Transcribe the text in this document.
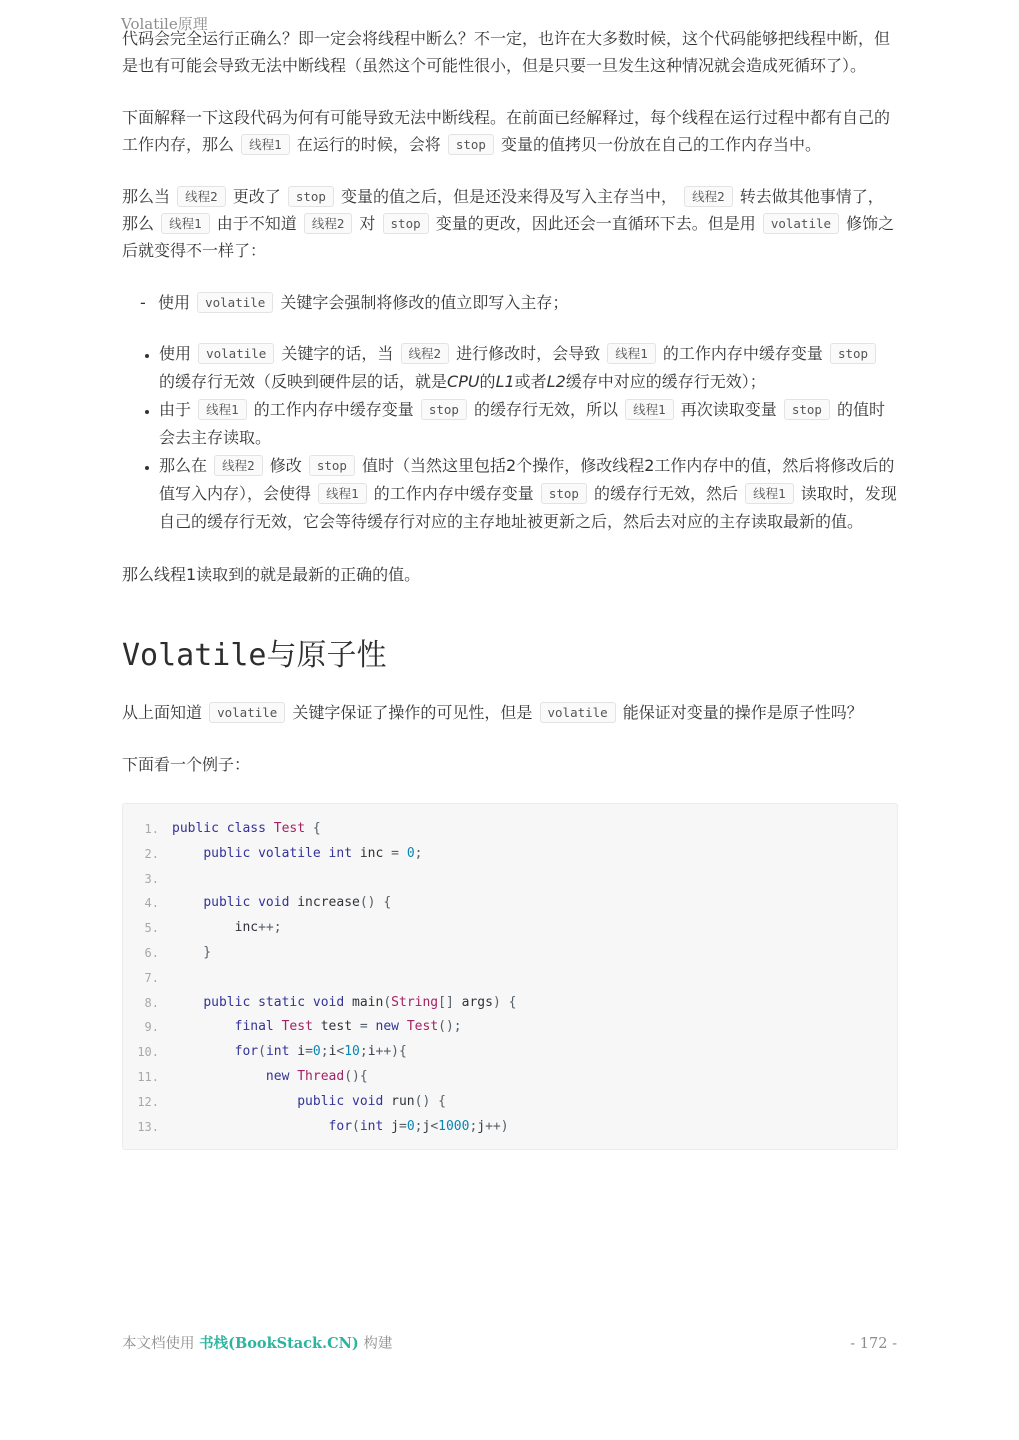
Volatile原理

代码会完全运行正确么？即一定会将线程中断么？不一定，也许在大多数时候，这个代码能够把线程中断，但是也有可能会导致无法中断线程（虽然这个可能性很小，但是只要一旦发生这种情况就会造成死循环了）。

下面解释一下这段代码为何有可能导致无法中断线程。在前面已经解释过，每个线程在运行过程中都有自己的工作内存，那么 线程1 在运行的时候，会将 stop 变量的值拷贝一份放在自己的工作内存当中。

那么当 线程2 更改了 stop 变量的值之后，但是还没来得及写入主存当中， 线程2 转去做其他事情了，那么 线程1 由于不知道 线程2 对 stop 变量的更改，因此还会一直循环下去。但是用 volatile 修饰之后就变得不一样了：

- 使用 volatile 关键字会强制将修改的值立即写入主存；
• 使用 volatile 关键字的话，当 线程2 进行修改时，会导致 线程1 的工作内存中缓存变量 stop 的缓存行无效（反映到硬件层的话，就是CPU的L1或者L2缓存中对应的缓存行无效）；
• 由于 线程1 的工作内存中缓存变量 stop 的缓存行无效，所以 线程1 再次读取变量 stop 的值时会去主存读取。
• 那么在 线程2 修改 stop 值时（当然这里包括2个操作，修改线程2工作内存中的值，然后将修改后的值写入内存），会使得 线程1 的工作内存中缓存变量 stop 的缓存行无效，然后 线程1 读取时，发现自己的缓存行无效，它会等待缓存行对应的主存地址被更新之后，然后去对应的主存读取最新的值。

那么线程1读取到的就是最新的正确的值。

Volatile与原子性

从上面知道 volatile 关键字保证了操作的可见性，但是 volatile 能保证对变量的操作是原子性吗？

下面看一个例子：

1. public class Test {
2.	public volatile int inc = 0;
3.
4.	public void increase() {
5. inc++;
6. }
7.
8.	public static void main(String[] args) {
9.	final Test test = new Test();
10.	for(int i=0;i<10;i++){
11.	new Thread(){
12.	public void run() {
13.	for(int j=0;j<1000;j++)
本文档使用 书栈(BookStack.CN) 构建	- 172 -
